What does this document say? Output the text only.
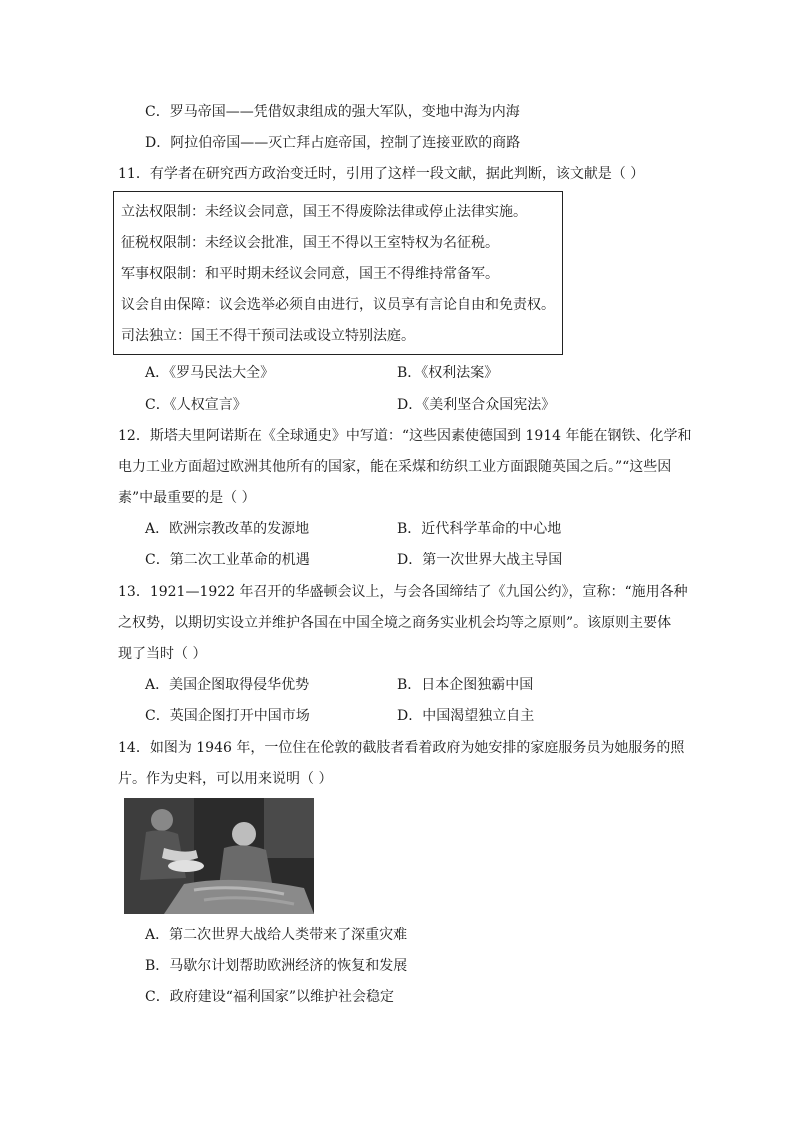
C．罗马帝国——凭借奴隶组成的强大军队，变地中海为内海
D．阿拉伯帝国——灭亡拜占庭帝国，控制了连接亚欧的商路
11．有学者在研究西方政治变迁时，引用了这样一段文献，据此判断，该文献是（ ）
立法权限制：未经议会同意，国王不得废除法律或停止法律实施。
征税权限制：未经议会批准，国王不得以王室特权为名征税。
军事权限制：和平时期未经议会同意，国王不得维持常备军。
议会自由保障：议会选举必须自由进行，议员享有言论自由和免责权。
司法独立：国王不得干预司法或设立特别法庭。
A．《罗马民法大全》	B．《权利法案》
C．《人权宣言》	D．《美利坚合众国宪法》
12．斯塔夫里阿诺斯在《全球通史》中写道：“这些因素使德国到 1914 年能在钢铁、化学和
电力工业方面超过欧洲其他所有的国家，能在采煤和纺织工业方面跟随英国之后。”“这些因
素”中最重要的是（ ）
A．欧洲宗教改革的发源地	B．近代科学革命的中心地
C．第二次工业革命的机遇	D．第一次世界大战主导国
13．1921—1922 年召开的华盛顿会议上，与会各国缔结了《九国公约》，宣称：“施用各种
之权势，以期切实设立并维护各国在中国全境之商务实业机会均等之原则”。该原则主要体
现了当时（ ）
A．美国企图取得侵华优势	B．日本企图独霸中国
C．英国企图打开中国市场	D．中国渴望独立自主
14．如图为 1946 年，一位住在伦敦的截肢者看着政府为她安排的家庭服务员为她服务的照
片。作为史料，可以用来说明（ ）
A．第二次世界大战给人类带来了深重灾难
B．马歇尔计划帮助欧洲经济的恢复和发展
C．政府建设“福利国家”以维护社会稳定
